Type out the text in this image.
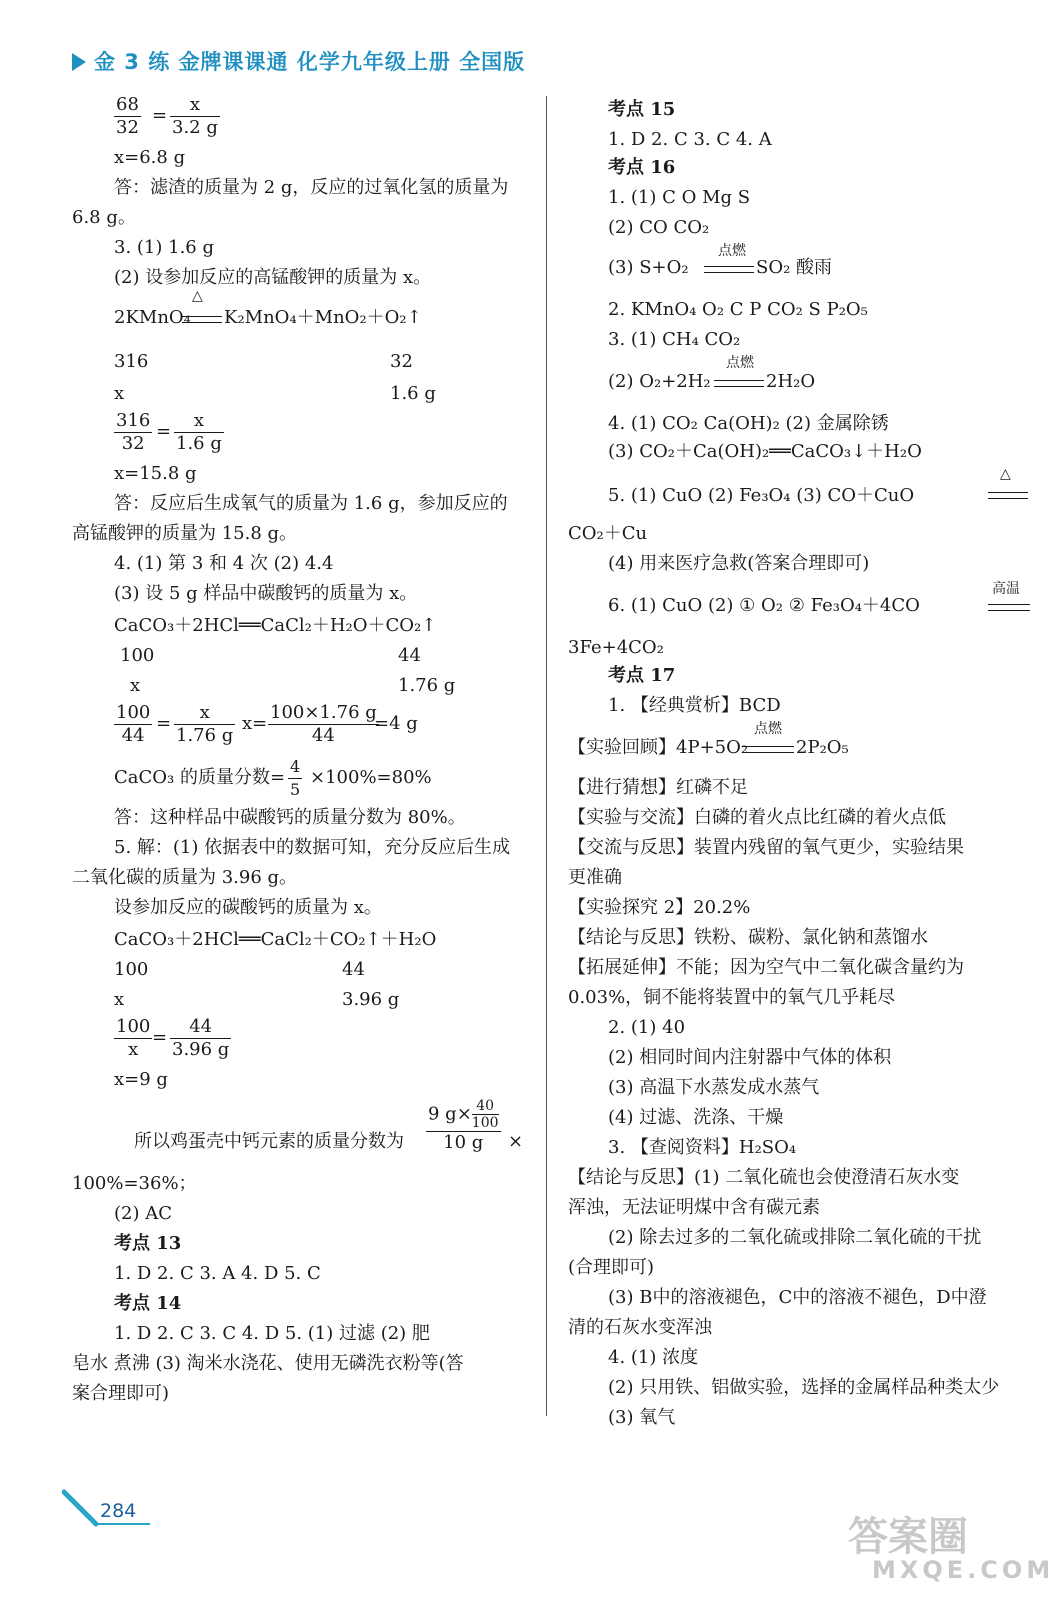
金 3 练 金牌课课通 化学九年级上册 全国版
$\frac{68}{32} = \frac{x}{3.2 g}$
x=6.8 g
答：滤渣的质量为 2 g，反应的过氧化氢的质量为
6.8 g。
3. (1) 1.6 g
(2) 设参加反应的高锰酸钾的质量为 x。
2KMnO₄
△
K₂MnO₄＋MnO₂＋O₂↑
316	32
x	1.6 g
$\frac{316}{32} = \frac{x}{1.6 g}$
x=15.8 g
答：反应后生成氧气的质量为 1.6 g，参加反应的
高锰酸钾的质量为 15.8 g。
4. (1) 第 3 和 4 次 (2) 4.4
(3) 设 5 g 样品中碳酸钙的质量为 x。
CaCO₃＋2HCl══CaCl₂＋H₂O＋CO₂↑
100	44
x	1.76 g
$\frac{100}{44} = \frac{x}{1.76 g} x= \frac{100\times 1.76 g}{44}$
=4 g
CaCO₃ 的质量分数= $\frac{4}{5} \times 100\%=80\%$
答：这种样品中碳酸钙的质量分数为 80%。
5. 解：(1) 依据表中的数据可知，充分反应后生成
二氧化碳的质量为 3.96 g。
设参加反应的碳酸钙的质量为 x。
CaCO₃＋2HCl══CaCl₂＋CO₂↑＋H₂O
100	44
x	3.96 g
$\frac{100}{x} = \frac{44}{3.96 g}$
x=9 g
所以鸡蛋壳中钙元素的质量分数为 $\frac{9 g\times \frac{40}{100}}{10 g}$ ×
100%=36%；
(2) AC
考点 13
1. D 2. C 3. A 4. D 5. C
考点 14
1. D 2. C 3. C 4. D 5. (1) 过滤 (2) 肥
皂水 煮沸 (3) 淘米水浇花、使用无磷洗衣粉等(答
案合理即可)
考点 15
1. D 2. C 3. C 4. A
考点 16
1. (1) C O Mg S
(2) CO CO₂
(3) S+O₂
点燃
SO₂ 酸雨
2. KMnO₄ O₂ C P CO₂ S P₂O₅
3. (1) CH₄ CO₂
(2) O₂+2H₂
点燃
2H₂O
4. (1) CO₂ Ca(OH)₂ (2) 金属除锈
(3) CO₂＋Ca(OH)₂══CaCO₃↓＋H₂O
5. (1) CuO (2) Fe₃O₄ (3) CO＋CuO
△
CO₂＋Cu
(4) 用来医疗急救(答案合理即可)
6. (1) CuO (2) ① O₂ ② Fe₃O₄＋4CO
高温
3Fe+4CO₂
考点 17
1. 【经典赏析】BCD
【实验回顾】4P+5O₂
点燃
2P₂O₅
【进行猜想】红磷不足
【实验与交流】白磷的着火点比红磷的着火点低
【交流与反思】装置内残留的氧气更少，实验结果
更准确
【实验探究 2】20.2%
【结论与反思】铁粉、碳粉、氯化钠和蒸馏水
【拓展延伸】不能；因为空气中二氧化碳含量约为
0.03%，铜不能将装置中的氧气几乎耗尽
2. (1) 40
(2) 相同时间内注射器中气体的体积
(3) 高温下水蒸发成水蒸气
(4) 过滤、洗涤、干燥
3. 【查阅资料】H₂SO₄
【结论与反思】(1) 二氧化硫也会使澄清石灰水变
浑浊，无法证明煤中含有碳元素
(2) 除去过多的二氧化硫或排除二氧化硫的干扰
(合理即可)
(3) B中的溶液褪色，C中的溶液不褪色，D中澄
清的石灰水变浑浊
4. (1) 浓度
(2) 只用铁、铝做实验，选择的金属样品种类太少
(3) 氧气
284
答案圈
MXQE.COM
